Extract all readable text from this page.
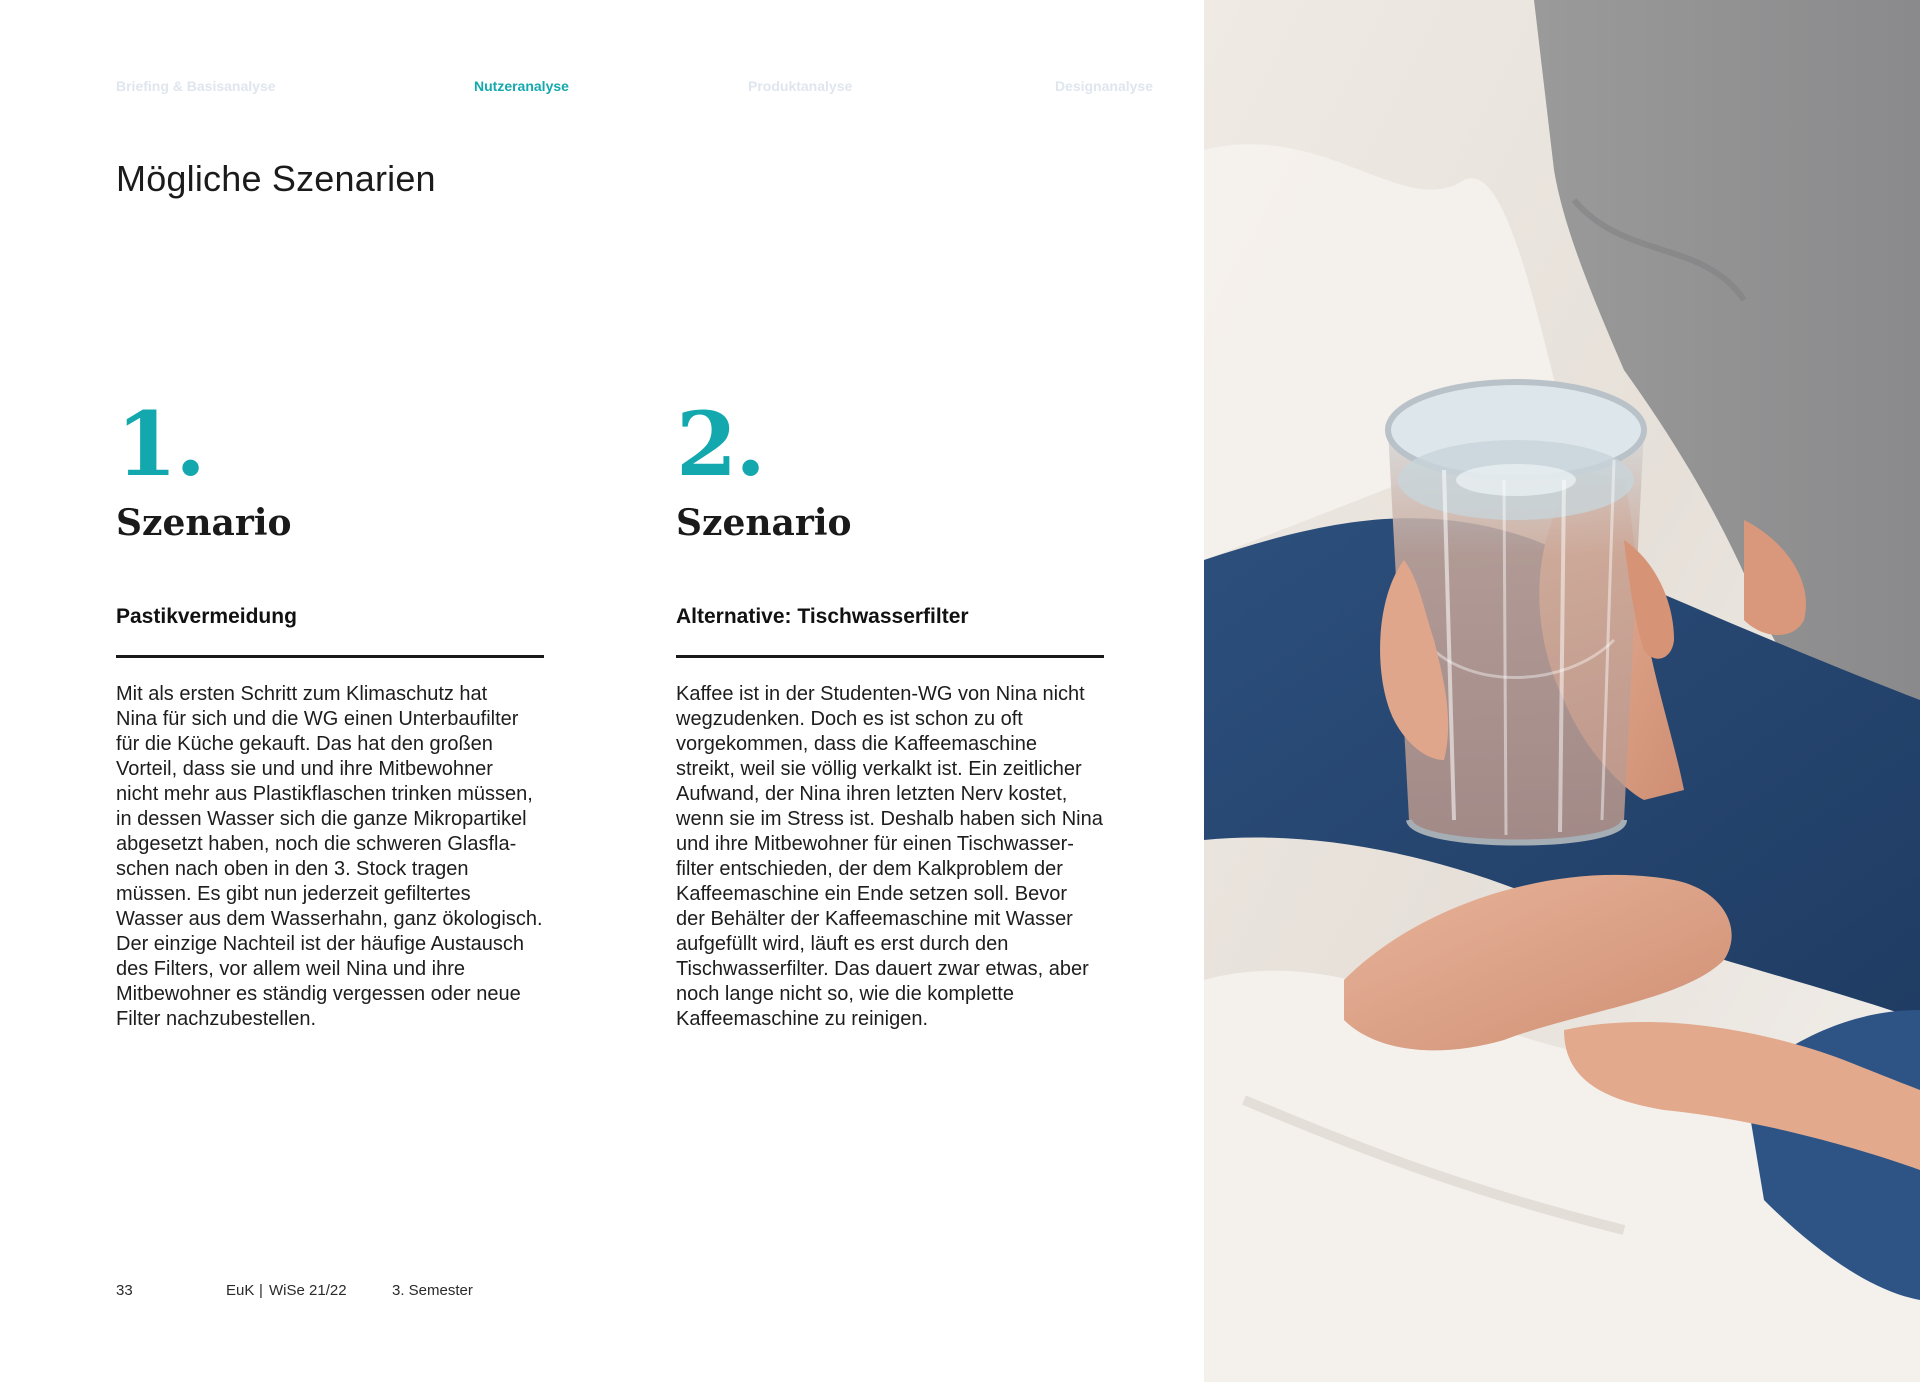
Briefing & Basisanalyse	Nutzeranalyse	Produktanalyse	Designanalyse
Mögliche Szenarien
1.
Szenario
Pastikvermeidung

Mit als ersten Schritt zum Klimaschutz hat
Nina für sich und die WG einen Unterbaufilter
für die Küche gekauft. Das hat den großen
Vorteil, dass sie und und ihre Mitbewohner
nicht mehr aus Plastikflaschen trinken müssen,
in dessen Wasser sich die ganze Mikropartikel
abgesetzt haben, noch die schweren Glasfla-
schen nach oben in den 3. Stock tragen
müssen. Es gibt nun jederzeit gefiltertes
Wasser aus dem Wasserhahn, ganz ökologisch.
Der einzige Nachteil ist der häufige Austausch
des Filters, vor allem weil Nina und ihre
Mitbewohner es ständig vergessen oder neue
Filter nachzubestellen.

2.
Szenario
Alternative: Tischwasserfilter

Kaffee ist in der Studenten-WG von Nina nicht
wegzudenken. Doch es ist schon zu oft
vorgekommen, dass die Kaffeemaschine
streikt, weil sie völlig verkalkt ist. Ein zeitlicher
Aufwand, der Nina ihren letzten Nerv kostet,
wenn sie im Stress ist. Deshalb haben sich Nina
und ihre Mitbewohner für einen Tischwasser-
filter entschieden, der dem Kalkproblem der
Kaffeemaschine ein Ende setzen soll. Bevor
der Behälter der Kaffeemaschine mit Wasser
aufgefüllt wird, läuft es erst durch den
Tischwasserfilter. Das dauert zwar etwas, aber
noch lange nicht so, wie die komplette
Kaffeemaschine zu reinigen.

33	EuK | WiSe 21/22	3. Semester
